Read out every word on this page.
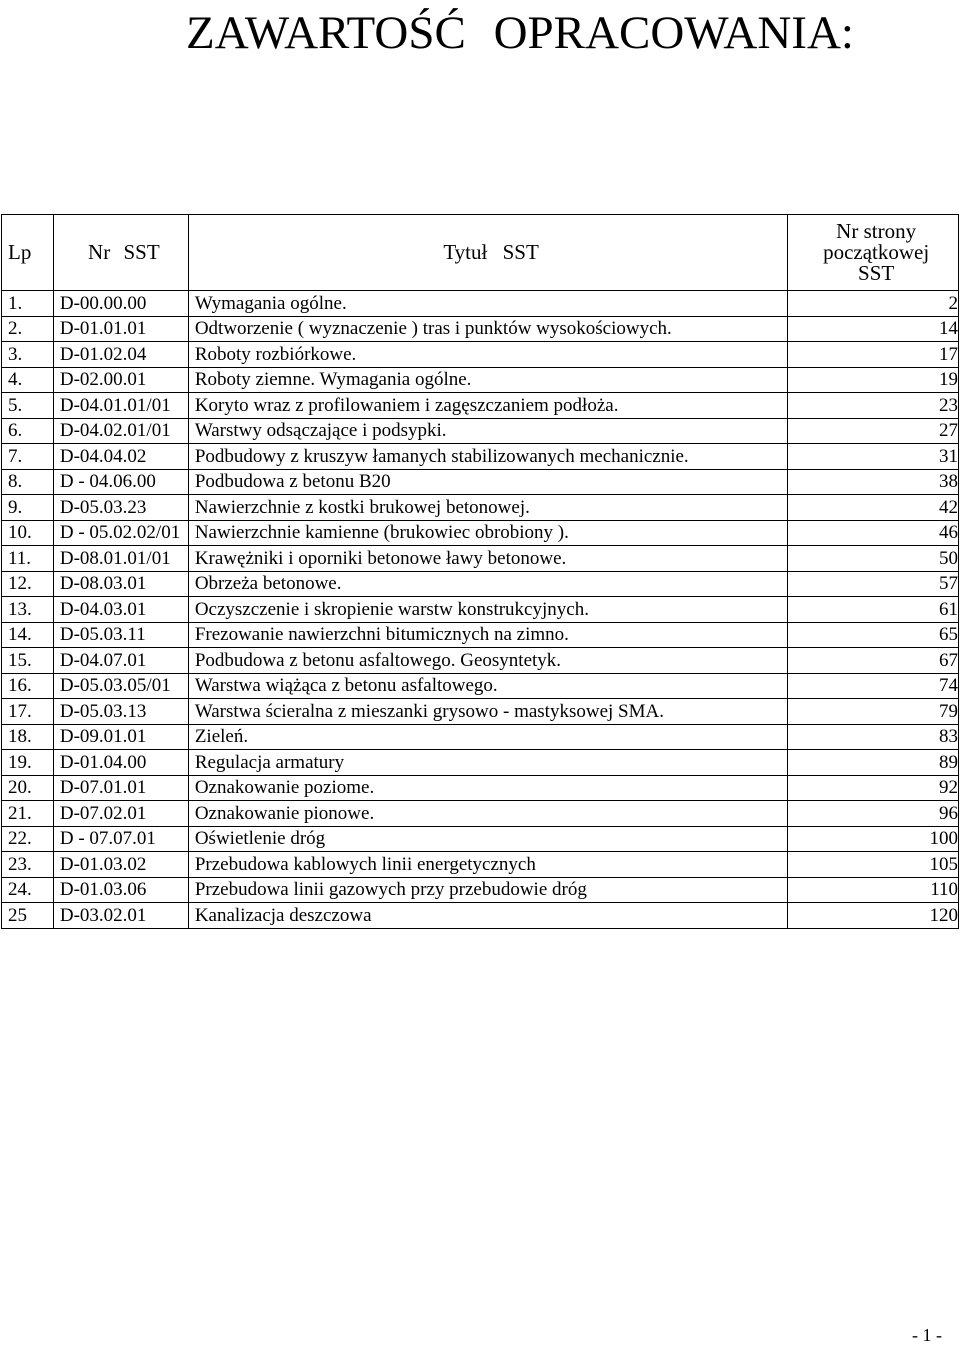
ZAWARTOŚĆ OPRACOWANIA:
Lp	Nr SST	Tytuł SST	Nr strony
początkowej
SST

1.	D-00.00.00	Wymagania ogólne.	2
2.	D-01.01.01	Odtworzenie ( wyznaczenie ) tras i punktów wysokościowych.	14
3.	D-01.02.04	Roboty rozbiórkowe.	17
4.	D-02.00.01	Roboty ziemne. Wymagania ogólne.	19
5.	D-04.01.01/01	Koryto wraz z profilowaniem i zagęszczaniem podłoża.	23
6.	D-04.02.01/01	Warstwy odsączające i podsypki.	27
7.	D-04.04.02	Podbudowy z kruszyw łamanych stabilizowanych mechanicznie.	31
8.	D - 04.06.00	Podbudowa z betonu B20	38
9.	D-05.03.23	Nawierzchnie z kostki brukowej betonowej.	42
10.	D - 05.02.02/01	Nawierzchnie kamienne (brukowiec obrobiony ).	46
11.	D-08.01.01/01	Krawężniki i oporniki betonowe ławy betonowe.	50
12.	D-08.03.01	Obrzeża betonowe.	57
13.	D-04.03.01	Oczyszczenie i skropienie warstw konstrukcyjnych.	61
14.	D-05.03.11	Frezowanie nawierzchni bitumicznych na zimno.	65
15.	D-04.07.01	Podbudowa z betonu asfaltowego. Geosyntetyk.	67
16.	D-05.03.05/01	Warstwa wiążąca z betonu asfaltowego.	74
17.	D-05.03.13	Warstwa ścieralna z mieszanki grysowo - mastyksowej SMA.	79
18.	D-09.01.01	Zieleń.	83
19.	D-01.04.00	Regulacja armatury	89
20.	D-07.01.01	Oznakowanie poziome.	92
21.	D-07.02.01	Oznakowanie pionowe.	96
22.	D - 07.07.01	Oświetlenie dróg	100
23.	D-01.03.02	Przebudowa kablowych linii energetycznych	105
24.	D-01.03.06	Przebudowa linii gazowych przy przebudowie dróg	110
25	D-03.02.01	Kanalizacja deszczowa	120
- 1 -
